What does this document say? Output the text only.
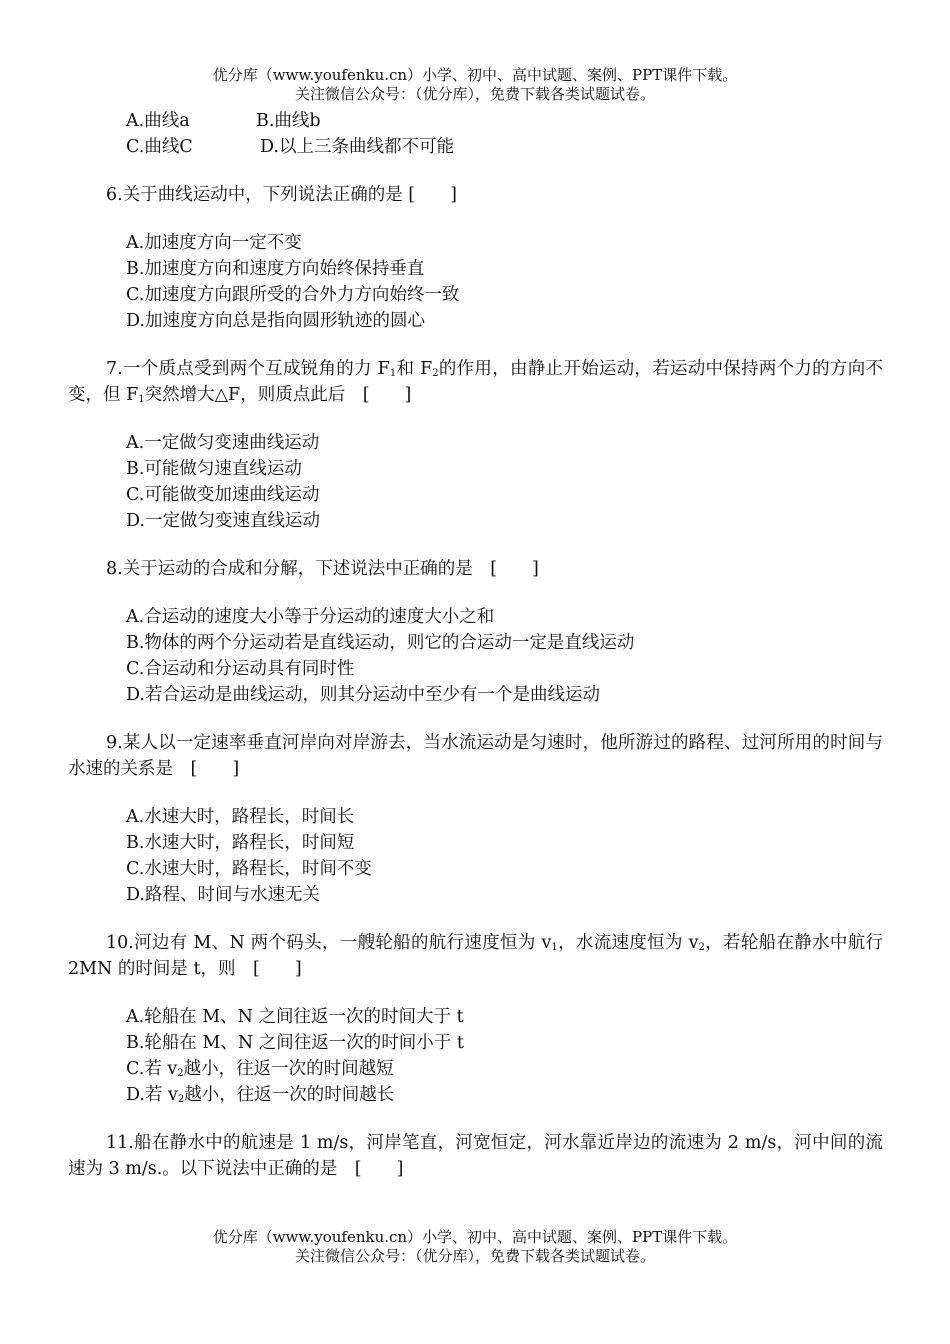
优分库（www.youfenku.cn）小学、初中、高中试题、案例、PPT课件下载。
关注微信公众号：（优分库），免费下载各类试题试卷。
A.曲线a	B.曲线b
C.曲线C	D.以上三条曲线都不可能

6.关于曲线运动中，下列说法正确的是 [　　]

A.加速度方向一定不变
B.加速度方向和速度方向始终保持垂直
C.加速度方向跟所受的合外力方向始终一致
D.加速度方向总是指向圆形轨迹的圆心

7.一个质点受到两个互成锐角的力 $F_1$和 $F_2$的作用，由静止开始运动，若运动中保持两个力的方向不变，但 $F_1$突然增大△F，则质点此后　[　　]

A.一定做匀变速曲线运动
B.可能做匀速直线运动
C.可能做变加速曲线运动
D.一定做匀变速直线运动

8.关于运动的合成和分解，下述说法中正确的是　[　　]

A.合运动的速度大小等于分运动的速度大小之和
B.物体的两个分运动若是直线运动，则它的合运动一定是直线运动
C.合运动和分运动具有同时性
D.若合运动是曲线运动，则其分运动中至少有一个是曲线运动

9.某人以一定速率垂直河岸向对岸游去，当水流运动是匀速时，他所游过的路程、过河所用的时间与水速的关系是　[　　]

A.水速大时，路程长，时间长
B.水速大时，路程长，时间短
C.水速大时，路程长，时间不变
D.路程、时间与水速无关

10.河边有 M、N 两个码头，一艘轮船的航行速度恒为 $v_1$，水流速度恒为 $v_2$，若轮船在静水中航行 2MN 的时间是 t，则　[　　]

A.轮船在 M、N 之间往返一次的时间大于 t
B.轮船在 M、N 之间往返一次的时间小于 t
C.若 $v_2$越小，往返一次的时间越短
D.若 $v_2$越小，往返一次的时间越长

11.船在静水中的航速是 1 m/s，河岸笔直，河宽恒定，河水靠近岸边的流速为 2 m/s，河中间的流速为 3 m/s.。以下说法中正确的是　[　　]

优分库（www.youfenku.cn）小学、初中、高中试题、案例、PPT课件下载。
关注微信公众号：（优分库），免费下载各类试题试卷。
